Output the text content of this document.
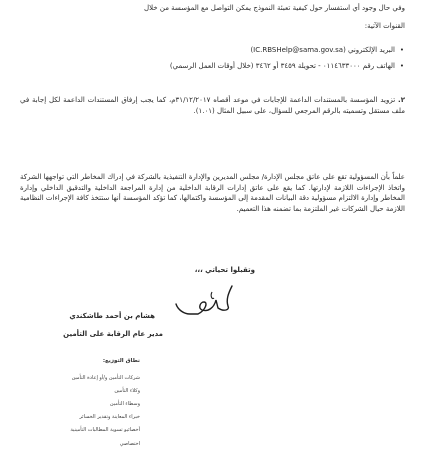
وفي حال وجود أي استفسار حول كيفية تعبئة النموذج يمكن التواصل مع المؤسسة من خلال
القنوات الآتية:
• البريد الإلكتروني (IC.RBSHelp@sama.gov.sa)
• الهاتف رقم ٠١١٤٦٣٣٠٠٠ - تحويلة ٣٤٥٩ أو ٣٤٦٢ (خلال أوقات العمل الرسمي)
٢. تزويد المؤسسة بالمستندات الداعمة للإجابات في موعد أقصاه ٣١/١٢/٢٠١٧م، كما يجب إرفاق المستندات الداعمة لكل إجابة في ملف مستقل وتسميته بالرقم المرجعي للسؤال، على سبيل المثال (١.٠١).
علماً بأن المسؤولية تقع على عاتق مجلس الإدارة/ مجلس المديرين والإدارة التنفيذية بالشركة في إدراك المخاطر التي تواجهها الشركة واتخاذ الإجراءات اللازمة لإدارتها. كما يقع على عاتق إدارات الرقابة الداخلية من إدارة المراجعة الداخلية والتدقيق الداخلي وإدارة المخاطر وإدارة الالتزام مسؤولية دقة البيانات المقدمة إلى المؤسسة واكتمالها، كما تؤكد المؤسسة أنها ستتخذ كافة الإجراءات النظامية اللازمة حيال الشركات غير الملتزمة بما تضمنه هذا التعميم.
وتقبلوا تحياتي ،،،
هشام بن أحمد طاشكندي
مدير عام الرقابة على التأمين
نطاق التوزيع:
شركات التأمين و/أو إعادة التأمين
وكلاء التأمين
وسطاء التأمين
خبراء المعاينة وتقدير الخسائر
أخصائيو تسوية المطالبات التأمينية
اختصاصي
